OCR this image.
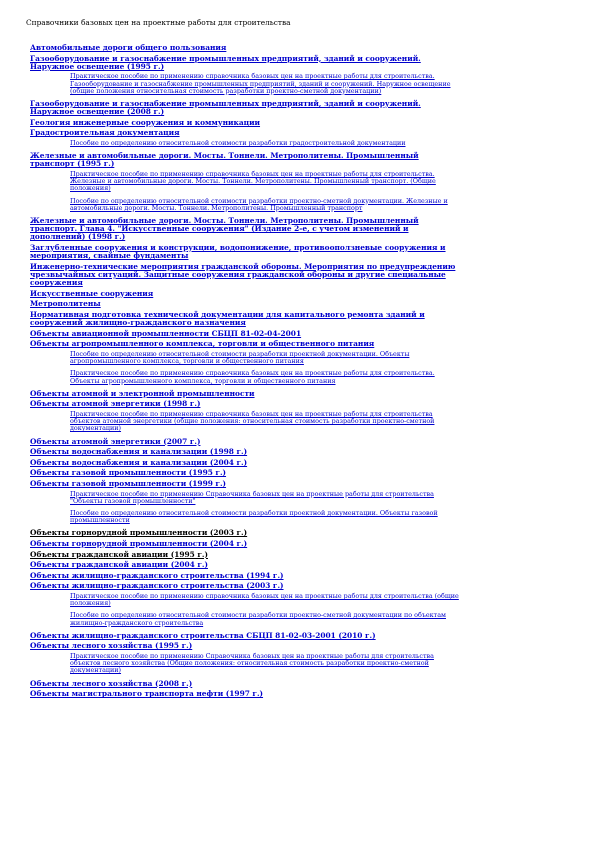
Справочники базовых цен на проектные работы для строительства
Автомобильные дороги общего пользования
Газооборудование и газоснабжение промышленных предприятий, зданий и сооружений. Наружное освещение (1995 г.)
Практическое пособие по применению справочника базовых цен на проектные работы для строительства. Газооборудование и газоснабжение промышленных предприятий, зданий и сооружений. Наружное освещение (общие положения относительная стоимость разработки проектно-сметной документации)
Газооборудование и газоснабжение промышленных предприятий, зданий и сооружений. Наружное освещение (2008 г.)
Геология инженерные сооружения и коммуникации
Градостроительная документация
Пособие по определению относительной стоимости разработки градостроительной документации
Железные и автомобильные дороги. Мосты. Тоннели. Метрополитены. Промышленный транспорт (1995 г.)
Практическое пособие по применению справочника базовых цен на проектные работы для строительства. Железные и автомобильные дороги. Мосты. Тоннели. Метрополитены. Промышленный транспорт. (Общие положения)
Пособие по определению относительной стоимости разработки проектно-сметной документации. Железные и автомобильные дороги. Мосты. Тоннели. Метрополитены. Промышленный транспорт
Железные и автомобильные дороги. Мосты. Тоннели. Метрополитены. Промышленный транспорт. Глава 4. "Искусственные сооружения" (Издание 2-е, с учетом изменений и дополнений) (1998 г.)
Заглубленные сооружения и конструкции, водопонижение, противооползневые сооружения и мероприятия, свайные фундаменты
Инженерно-технические мероприятия гражданской обороны. Мероприятия по предупреждению чрезвычайных ситуаций. Защитные сооружения гражданской обороны и другие специальные сооружения
Искусственные сооружения
Метрополитены
Нормативная подготовка технической документации для капитального ремонта зданий и сооружений жилищно-гражданского назначения
Объекты авиационной промышленности СБЦП 81-02-04-2001
Объекты агропромышленного комплекса, торговли и общественного питания
Пособие по определению относительной стоимости разработки проектной документации. Объекты агропромышленного комплекса, торговли и общественного питания
Практическое пособие по применению справочника базовых цен на проектные работы для строительства. Объекты агропромышленного комплекса, торговли и общественного питания
Объекты атомной и электронной промышленности
Объекты атомной энергетики (1998 г.)
Практическое пособие по применению справочника базовых цен на проектные работы для строительства объектов атомной энергетики (общие положения: относительная стоимость разработки проектно-сметной документации)
Объекты атомной энергетики (2007 г.)
Объекты водоснабжения и канализации (1998 г.)
Объекты водоснабжения и канализации (2004 г.)
Объекты газовой промышленности (1995 г.)
Объекты газовой промышленности (1999 г.)
Практическое пособие по применению Справочника базовых цен на проектные работы для строительства "Объекты газовой промышленности"
Пособие по определению относительной стоимости разработки проектной документации. Объекты газовой промышленности
Объекты горнорудной промышленности (2003 г.)
Объекты горнорудной промышленности (2004 г.)
Объекты гражданской авиации (1995 г.)
Объекты гражданской авиации (2004 г.)
Объекты жилищно-гражданского строительства (1994 г.)
Объекты жилищно-гражданского строительства (2003 г.)
Практическое пособие по применению справочника базовых цен на проектные работы для строительства (общие положения)
Пособие по определению относительной стоимости разработки проектно-сметной документации по объектам жилищно-гражданского строительства
Объекты жилищно-гражданского строительства СБЦП 81-02-03-2001 (2010 г.)
Объекты лесного хозяйства (1995 г.)
Практическое пособие по применению Справочника базовых цен на проектные работы для строительства объектов лесного хозяйства (Общие положения: относительная стоимость разработки проектно-сметной документации)
Объекты лесного хозяйства (2008 г.)
Объекты магистрального транспорта нефти (1997 г.)
